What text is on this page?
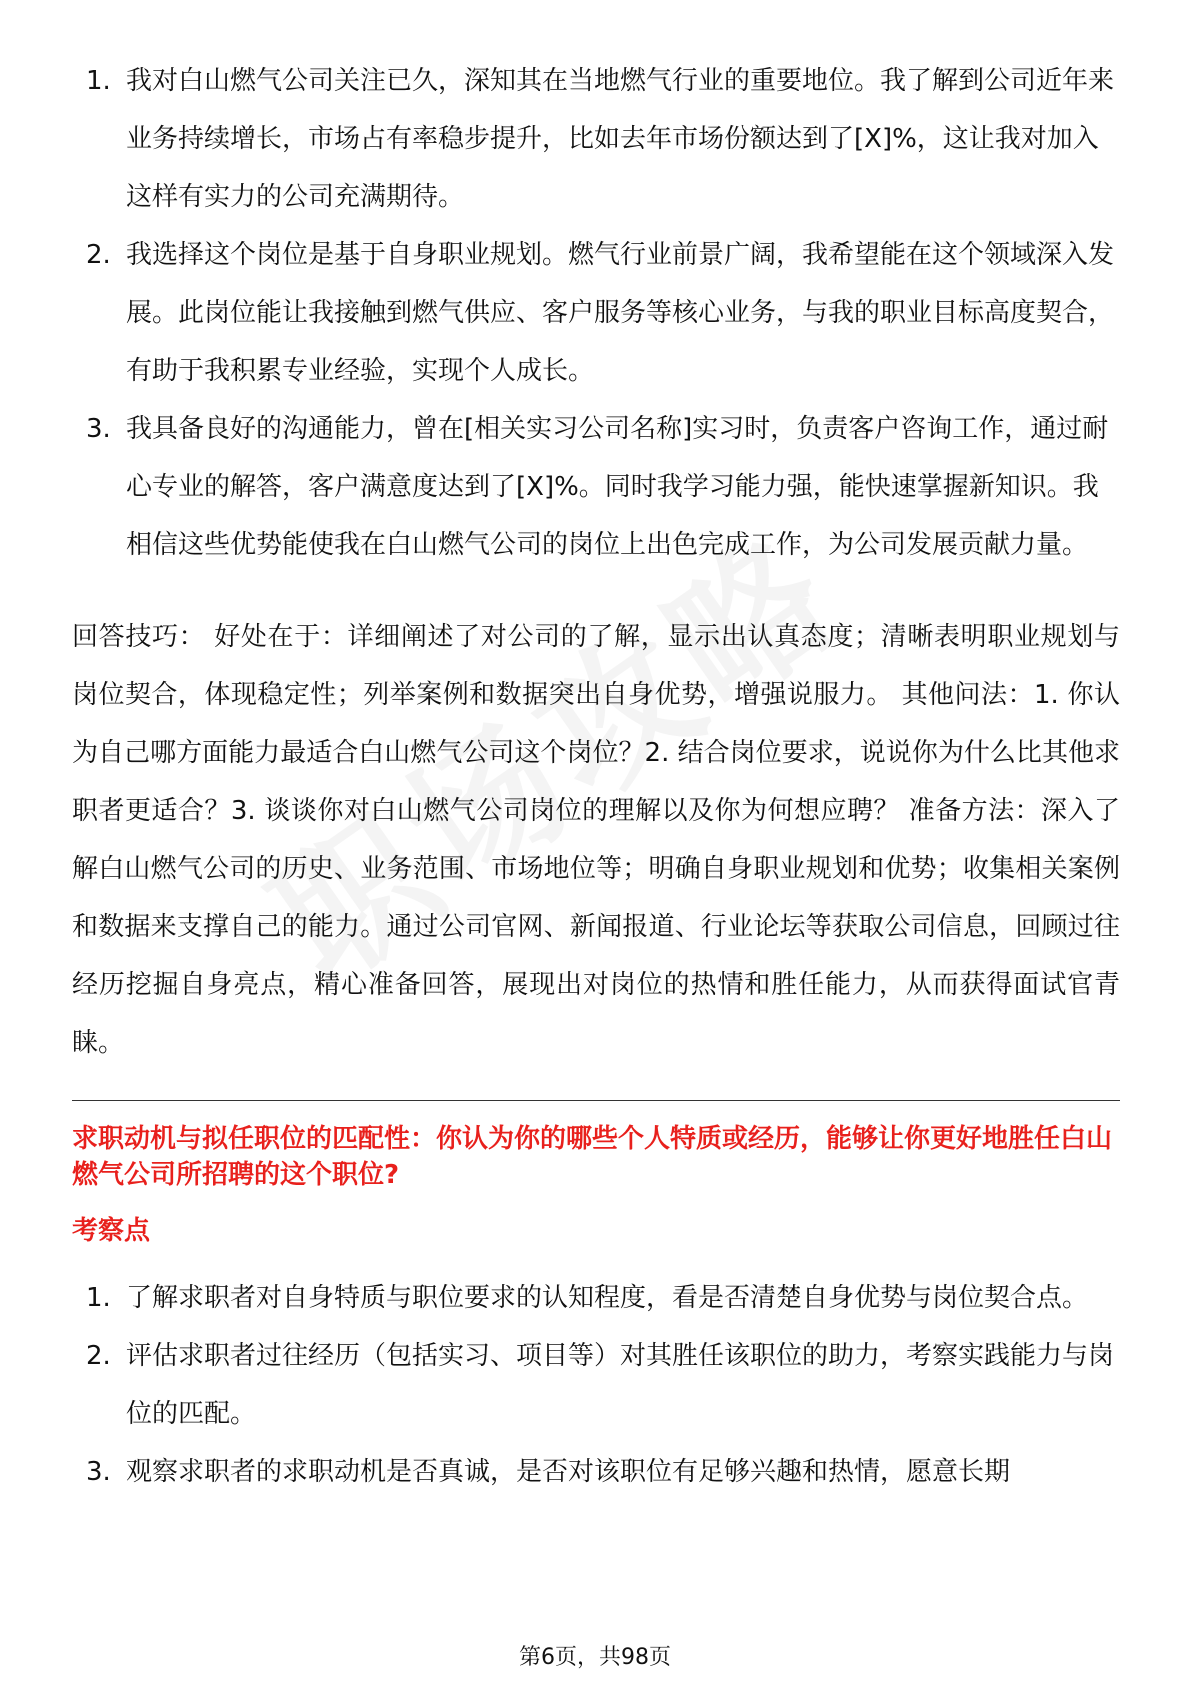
1. 我对白山燃气公司关注已久，深知其在当地燃气行业的重要地位。我了解到公司近年来业务持续增长，市场占有率稳步提升，比如去年市场份额达到了[X]%，这让我对加入这样有实力的公司充满期待。
2. 我选择这个岗位是基于自身职业规划。燃气行业前景广阔，我希望能在这个领域深入发展。此岗位能让我接触到燃气供应、客户服务等核心业务，与我的职业目标高度契合，有助于我积累专业经验，实现个人成长。
3. 我具备良好的沟通能力，曾在[相关实习公司名称]实习时，负责客户咨询工作，通过耐心专业的解答，客户满意度达到了[X]%。同时我学习能力强，能快速掌握新知识。我相信这些优势能使我在白山燃气公司的岗位上出色完成工作，为公司发展贡献力量。
回答技巧： 好处在于：详细阐述了对公司的了解，显示出认真态度；清晰表明职业规划与岗位契合，体现稳定性；列举案例和数据突出自身优势，增强说服力。 其他问法：1. 你认为自己哪方面能力最适合白山燃气公司这个岗位？2. 结合岗位要求，说说你为什么比其他求职者更适合？3. 谈谈你对白山燃气公司岗位的理解以及你为何想应聘？ 准备方法：深入了解白山燃气公司的历史、业务范围、市场地位等；明确自身职业规划和优势；收集相关案例和数据来支撑自己的能力。通过公司官网、新闻报道、行业论坛等获取公司信息，回顾过往经历挖掘自身亮点，精心准备回答，展现出对岗位的热情和胜任能力，从而获得面试官青睐。
求职动机与拟任职位的匹配性：你认为你的哪些个人特质或经历，能够让你更好地胜任白山燃气公司所招聘的这个职位?
考察点
1. 了解求职者对自身特质与职位要求的认知程度，看是否清楚自身优势与岗位契合点。
2. 评估求职者过往经历（包括实习、项目等）对其胜任该职位的助力，考察实践能力与岗位的匹配。
3. 观察求职者的求职动机是否真诚，是否对该职位有足够兴趣和热情，愿意长期
第6页，共98页
